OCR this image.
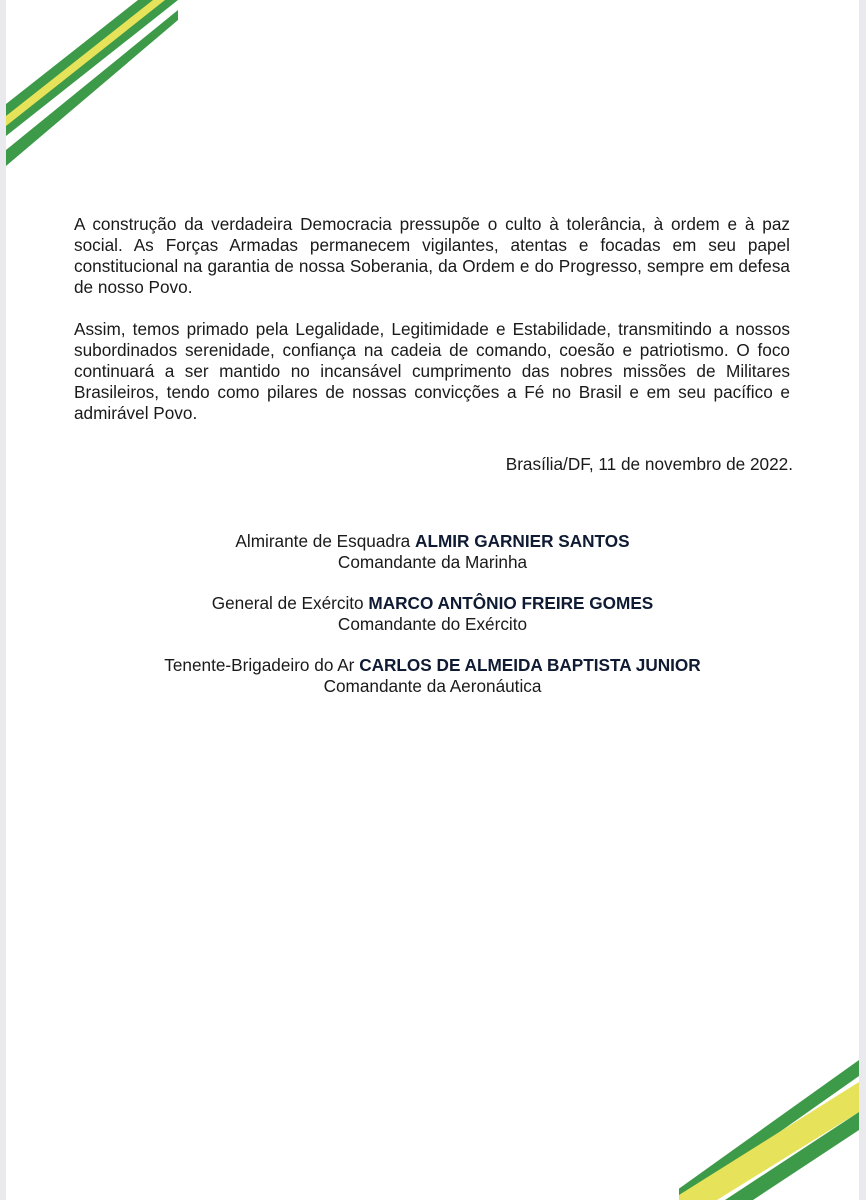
A construção da verdadeira Democracia pressupõe o culto à tolerância, à ordem e à paz social. As Forças Armadas permanecem vigilantes, atentas e focadas em seu papel constitucional na garantia de nossa Soberania, da Ordem e do Progresso, sempre em defesa de nosso Povo.

Assim, temos primado pela Legalidade, Legitimidade e Estabilidade, transmitindo a nossos subordinados serenidade, confiança na cadeia de comando, coesão e patriotismo. O foco continuará a ser mantido no incansável cumprimento das nobres missões de Militares Brasileiros, tendo como pilares de nossas convicções a Fé no Brasil e em seu pacífico e admirável Povo.

Brasília/DF, 11 de novembro de 2022.
Almirante de Esquadra ALMIR GARNIER SANTOS
Comandante da Marinha
General de Exército MARCO ANTÔNIO FREIRE GOMES
Comandante do Exército
Tenente-Brigadeiro do Ar CARLOS DE ALMEIDA BAPTISTA JUNIOR
Comandante da Aeronáutica
